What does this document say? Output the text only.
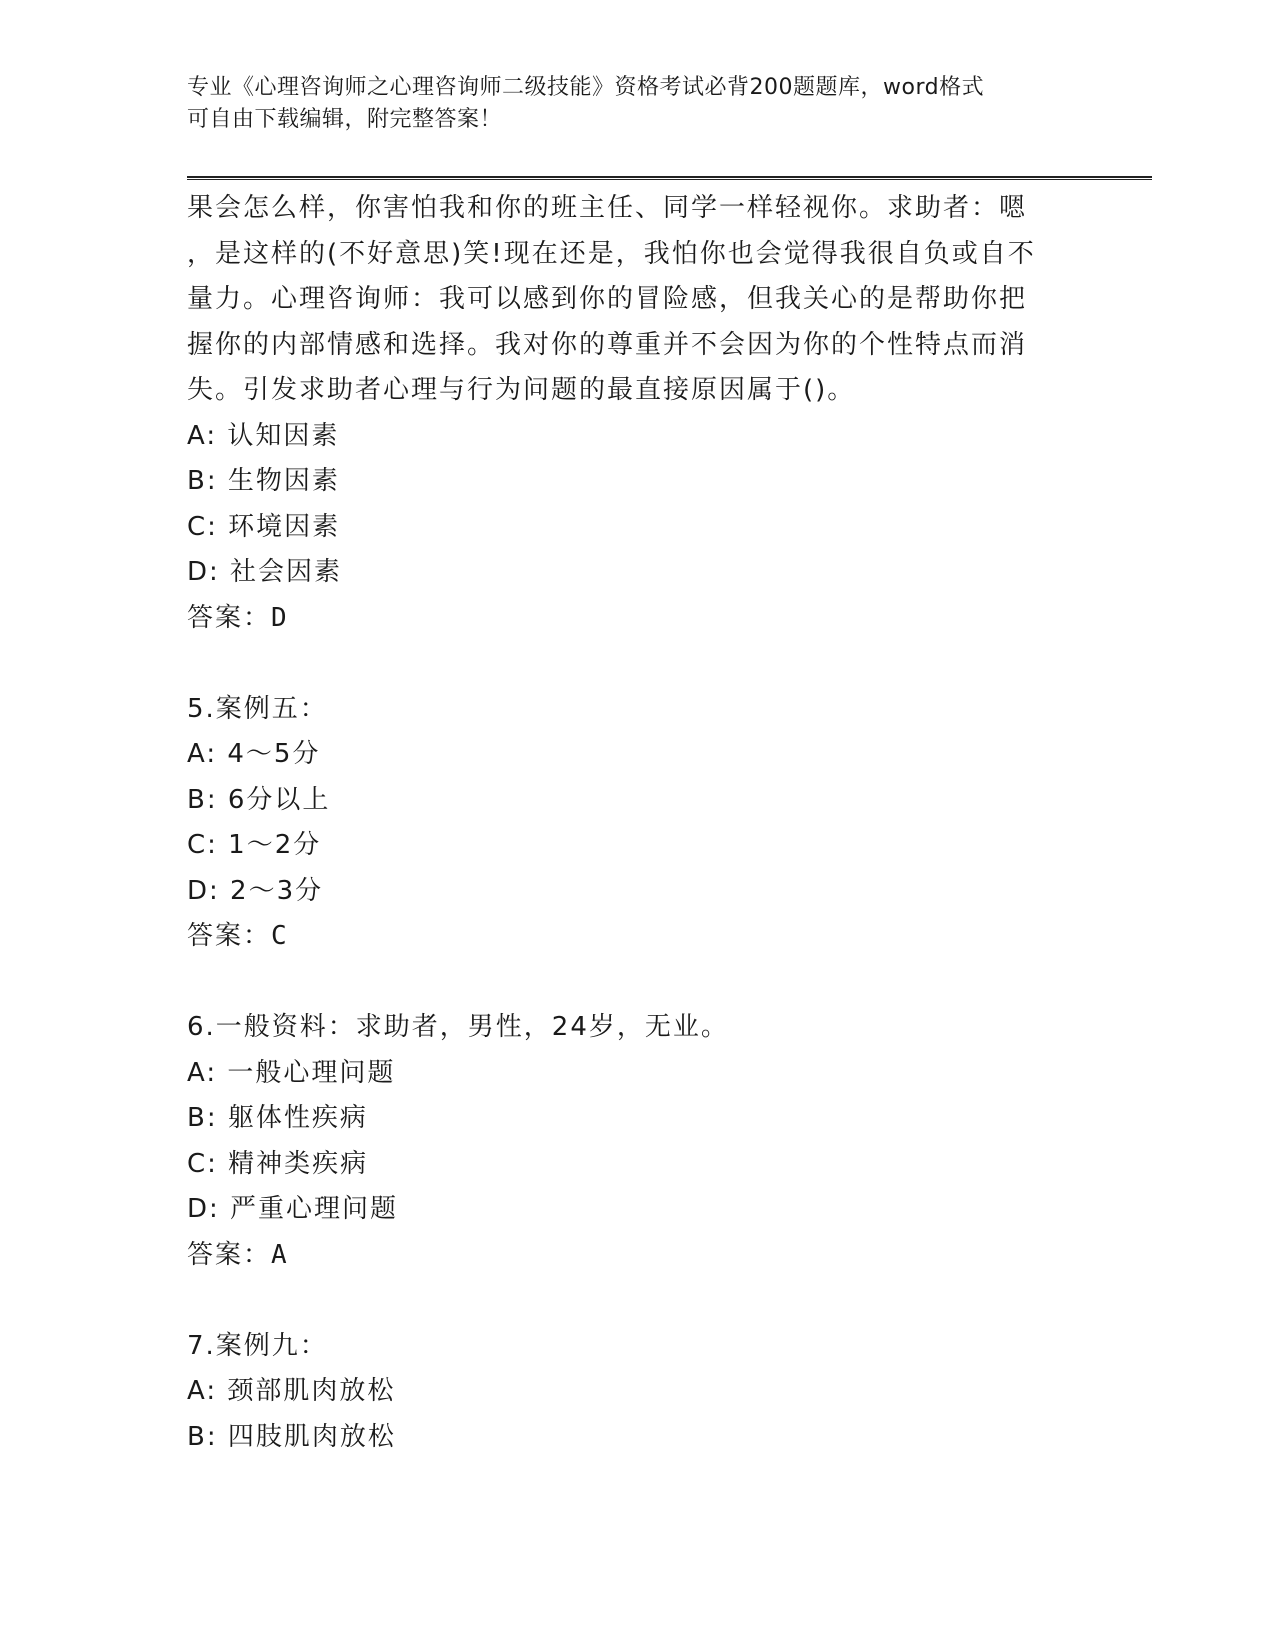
专业《心理咨询师之心理咨询师二级技能》资格考试必背200题题库，word格式
可自由下载编辑，附完整答案！
果会怎么样，你害怕我和你的班主任、同学一样轻视你。求助者：嗯
，是这样的(不好意思)笑!现在还是，我怕你也会觉得我很自负或自不
量力。心理咨询师：我可以感到你的冒险感，但我关心的是帮助你把
握你的内部情感和选择。我对你的尊重并不会因为你的个性特点而消
失。引发求助者心理与行为问题的最直接原因属于()。
A: 认知因素
B: 生物因素
C: 环境因素
D: 社会因素
答案：D
5.案例五：
A: 4～5分
B: 6分以上
C: 1～2分
D: 2～3分
答案：C
6.一般资料：求助者，男性，24岁，无业。
A: 一般心理问题
B: 躯体性疾病
C: 精神类疾病
D: 严重心理问题
答案：A
7.案例九：
A: 颈部肌肉放松
B: 四肢肌肉放松
